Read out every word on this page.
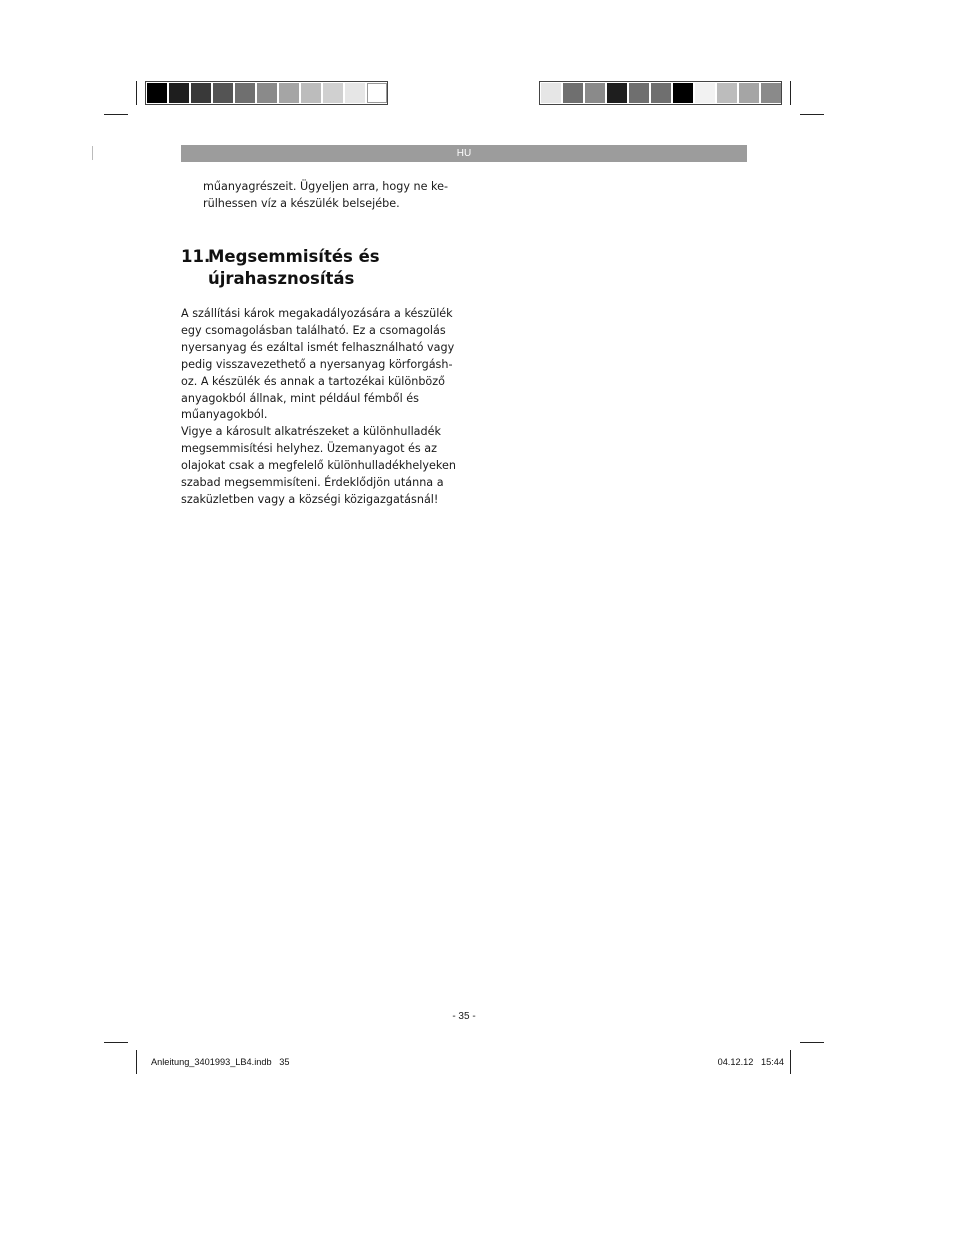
HU
műanyagrészeit. Ügyeljen arra, hogy ne ke-
rülhessen víz a készülék belsejébe.
11.
Megsemmisítés és
újrahasznosítás
A szállítási károk megakadályozására a készülék
egy csomagolásban található. Ez a csomagolás
nyersanyag és ezáltal ismét felhasználható vagy
pedig visszavezethető a nyersanyag körforgásh-
oz. A készülék és annak a tartozékai különböző
anyagokból állnak, mint például fémből és
műanyagokból.
Vigye a károsult alkatrészeket a különhulladék
megsemmisítési helyhez. Üzemanyagot és az
olajokat csak a megfelelő különhulladékhelyeken
szabad megsemmisíteni. Érdeklődjön utánna a
szaküzletben vagy a községi közigazgatásnál!
- 35 -
Anleitung_3401993_LB4.indb   35	04.12.12   15:44
